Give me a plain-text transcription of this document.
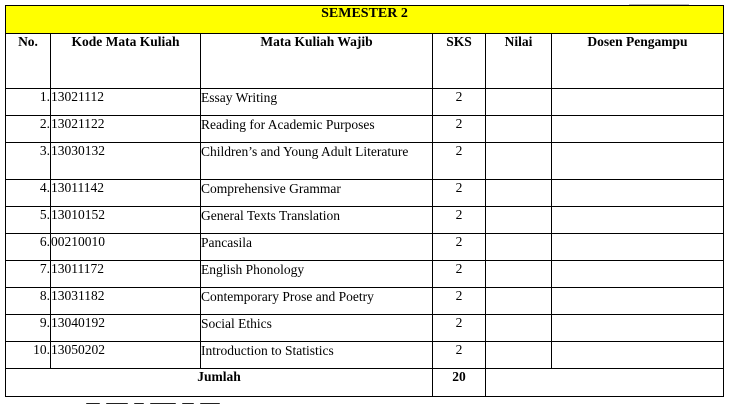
SEMESTER 2					
No.	Kode Mata Kuliah	Mata Kuliah Wajib	SKS	Nilai	Dosen Pengampu
1.	13021112	Essay Writing	2		
2.	13021122	Reading for Academic Purposes	2		
3.	13030132	Children’s and Young Adult Literature	2		
4.	13011142	Comprehensive Grammar	2		
5.	13010152	General Texts Translation	2		
6.	00210010	Pancasila	2		
7.	13011172	English Phonology	2		
8.	13031182	Contemporary Prose and Poetry	2		
9.	13040192	Social Ethics	2		
10.	13050202	Introduction to Statistics	2		
Jumlah			20		
